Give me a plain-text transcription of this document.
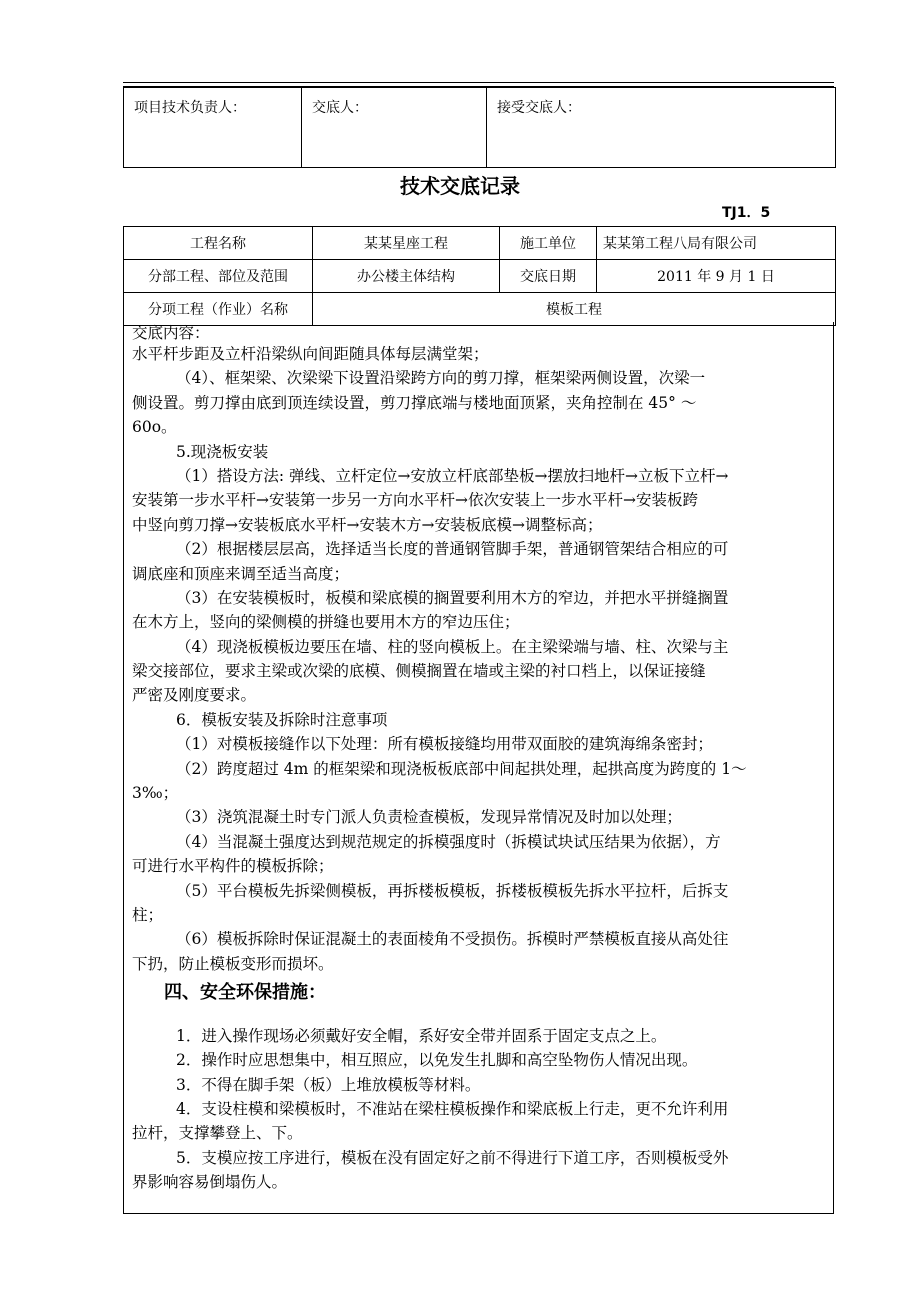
项目技术负责人：	交底人：	接受交底人：
技术交底记录
TJ1．5
工程名称	某某星座工程	施工单位	某某第工程八局有限公司
分部工程、部位及范围	办公楼主体结构	交底日期	2011 年 9 月 1 日
分项工程（作业）名称	模板工程		
交底内容：
水平杆步距及立杆沿梁纵向间距随具体每层满堂架；
（4）、框架梁、次梁梁下设置沿梁跨方向的剪刀撑，框架梁两侧设置，次梁一
侧设置。剪刀撑由底到顶连续设置，剪刀撑底端与楼地面顶紧，夹角控制在 45° ～
60o。
5.现浇板安装
（1）搭设方法: 弹线、立杆定位→安放立杆底部垫板→摆放扫地杆→立板下立杆→
安装第一步水平杆→安装第一步另一方向水平杆→依次安装上一步水平杆→安装板跨
中竖向剪刀撑→安装板底水平杆→安装木方→安装板底模→调整标高；
（2）根据楼层层高，选择适当长度的普通钢管脚手架，普通钢管架结合相应的可
调底座和顶座来调至适当高度；
（3）在安装模板时，板模和梁底模的搁置要利用木方的窄边，并把水平拼缝搁置
在木方上，竖向的梁侧模的拼缝也要用木方的窄边压住；
（4）现浇板模板边要压在墙、柱的竖向模板上。在主梁梁端与墙、柱、次梁与主
梁交接部位，要求主梁或次梁的底模、侧模搁置在墙或主梁的衬口档上，以保证接缝
严密及刚度要求。
6．模板安装及拆除时注意事项
（1）对模板接缝作以下处理：所有模板接缝均用带双面胶的建筑海绵条密封；
（2）跨度超过 4m 的框架梁和现浇板板底部中间起拱处理，起拱高度为跨度的 1～
3‰；
（3）浇筑混凝土时专门派人负责检查模板，发现异常情况及时加以处理；
（4）当混凝土强度达到规范规定的拆模强度时（拆模试块试压结果为依据），方
可进行水平构件的模板拆除；
（5）平台模板先拆梁侧模板，再拆楼板模板，拆楼板模板先拆水平拉杆，后拆支
柱；
（6）模板拆除时保证混凝土的表面棱角不受损伤。拆模时严禁模板直接从高处往
下扔，防止模板变形而损坏。
四、安全环保措施：
1．进入操作现场必须戴好安全帽，系好安全带并固系于固定支点之上。
2．操作时应思想集中，相互照应，以免发生扎脚和高空坠物伤人情况出现。
3．不得在脚手架（板）上堆放模板等材料。
4．支设柱模和梁模板时，不准站在梁柱模板操作和梁底板上行走，更不允许利用
拉杆，支撑攀登上、下。
5．支模应按工序进行，模板在没有固定好之前不得进行下道工序，否则模板受外
界影响容易倒塌伤人。
